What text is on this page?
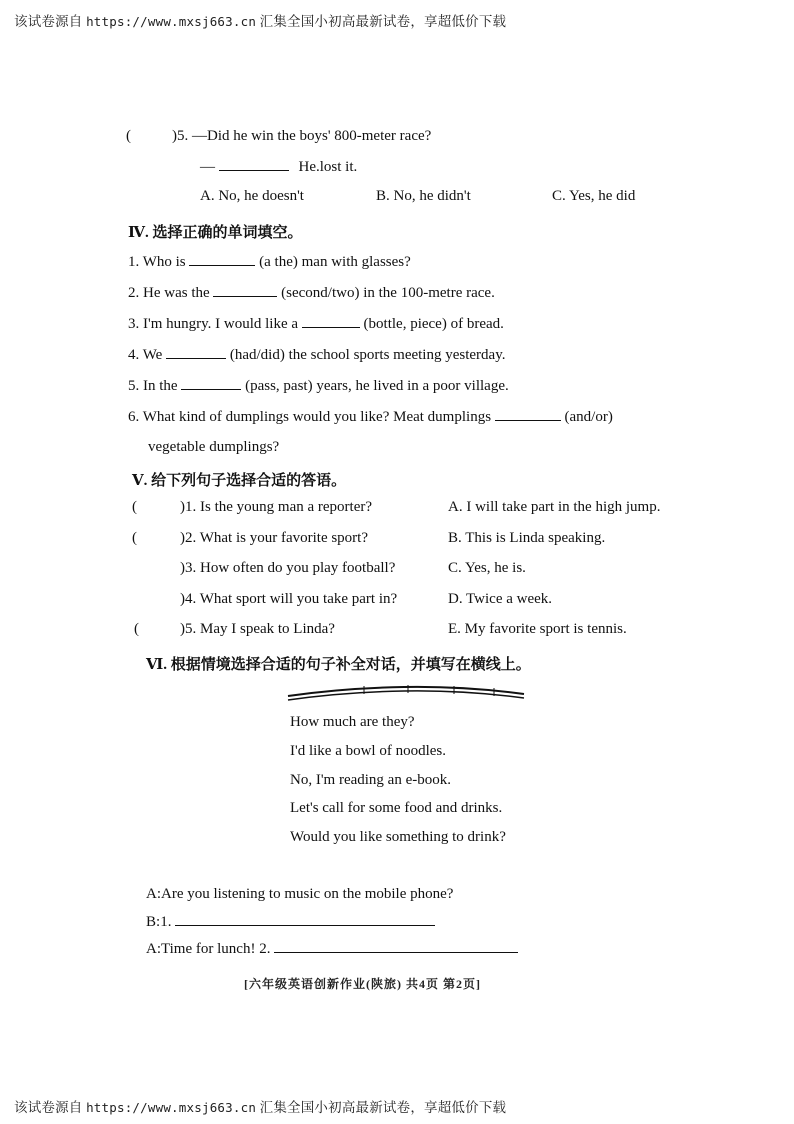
该试卷源自 https://www.mxsj663.cn 汇集全国小初高最新试卷，享超低价下载
(	)5. —Did he win the boys' 800-meter race?
—	He.lost it.
A. No, he doesn't	B. No, he didn't	C. Yes, he did
Ⅳ. 选择正确的单词填空。
1. Who is	(a the) man with glasses?
2. He was the	(second/two) in the 100-metre race.
3. I'm hungry. I would like a	(bottle, piece) of bread.
4. We	(had/did) the school sports meeting yesterday.
5. In the	(pass, past) years, he lived in a poor village.
6. What kind of dumplings would you like? Meat dumplings	(and/or)
vegetable dumplings?
Ⅴ. 给下列句子选择合适的答语。
(	)1. Is the young man a reporter?	A. I will take part in the high jump.
(	)2. What is your favorite sport?	B. This is Linda speaking.
)3. How often do you play football?	C. Yes, he is.
)4. What sport will you take part in?	D. Twice a week.
(	)5. May I speak to Linda?	E. My favorite sport is tennis.
Ⅵ. 根据情境选择合适的句子补全对话，并填写在横线上。
How much are they?
I'd like a bowl of noodles.
No, I'm reading an e-book.
Let's call for some food and drinks.
Would you like something to drink?
A:Are you listening to music on the mobile phone?
B:1.
A:Time for lunch! 2.
[六年级英语创新作业(陕旅) 共4页 第2页]
该试卷源自 https://www.mxsj663.cn 汇集全国小初高最新试卷，享超低价下载
